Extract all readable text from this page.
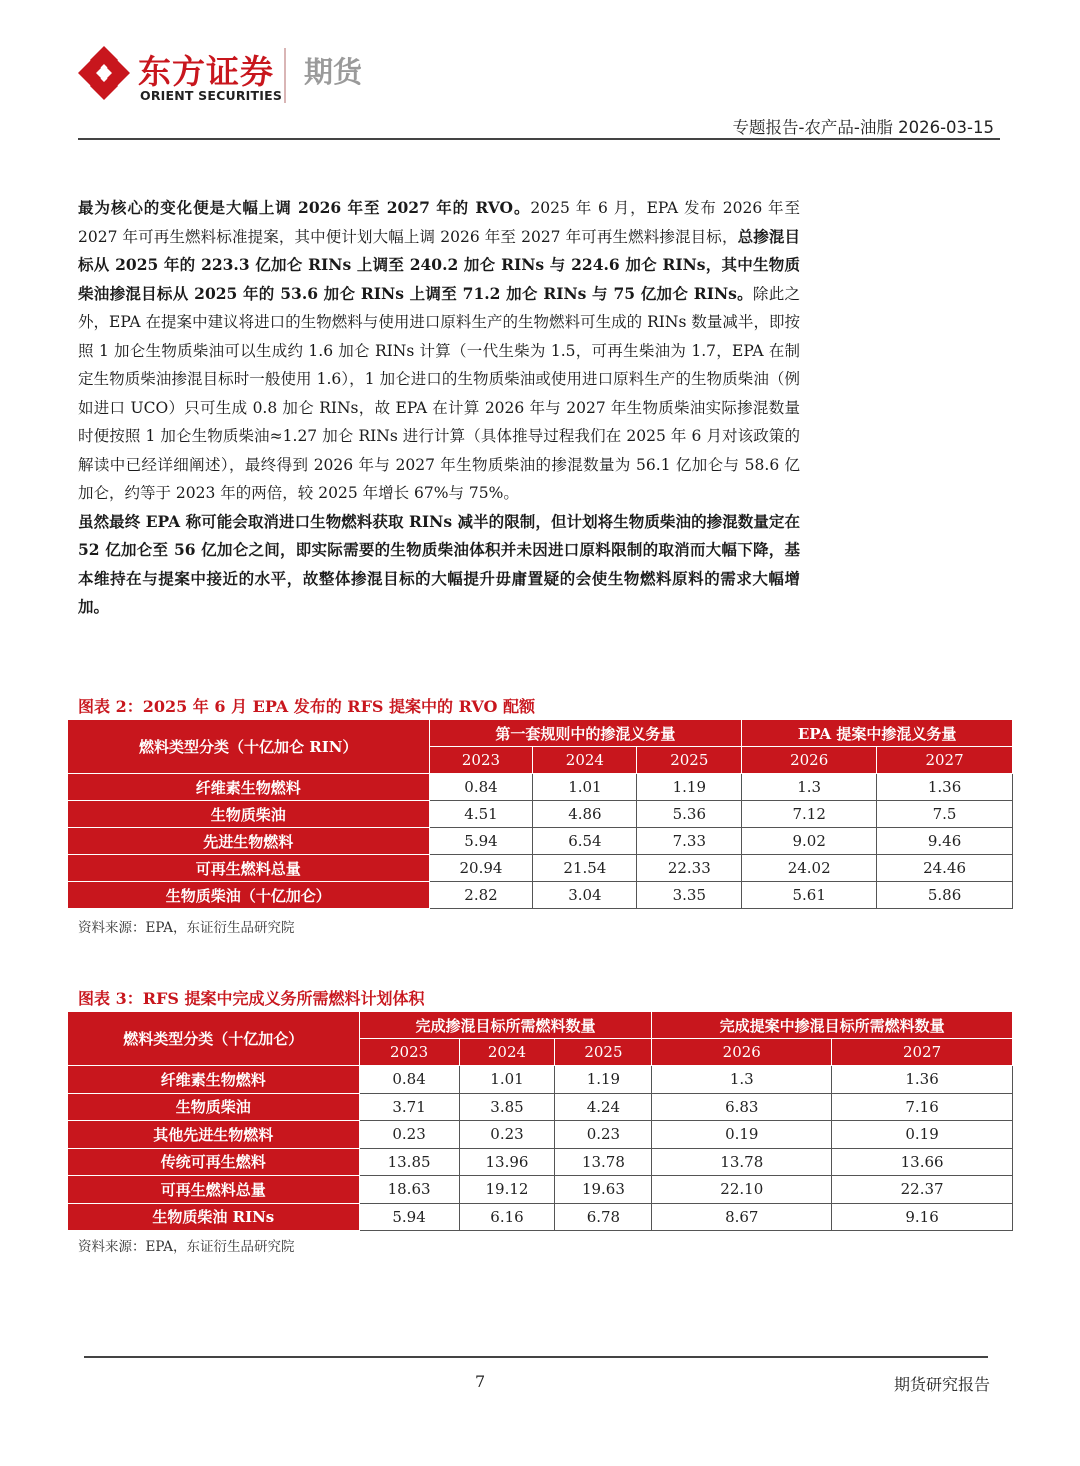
东方证券
ORIENT SECURITIES
期货
专题报告-农产品-油脂 2026-03-15

最为核心的变化便是大幅上调 2026 年至 2027 年的 RVO。2025 年 6 月，EPA 发布 2026 年至 2027 年可再生燃料标准提案，其中便计划大幅上调 2026 年至 2027 年可再生燃料掺混目标，总掺混目标从 2025 年的 223.3 亿加仑 RINs 上调至 240.2 加仑 RINs 与 224.6 加仑 RINs，其中生物质柴油掺混目标从 2025 年的 53.6 加仑 RINs 上调至 71.2 加仑 RINs 与 75 亿加仑 RINs。除此之外，EPA 在提案中建议将进口的生物燃料与使用进口原料生产的生物燃料可生成的 RINs 数量减半，即按照 1 加仑生物质柴油可以生成约 1.6 加仑 RINs 计算（一代生柴为 1.5，可再生柴油为 1.7，EPA 在制定生物质柴油掺混目标时一般使用 1.6），1 加仑进口的生物质柴油或使用进口原料生产的生物质柴油（例如进口 UCO）只可生成 0.8 加仑 RINs，故 EPA 在计算 2026 年与 2027 年生物质柴油实际掺混数量时便按照 1 加仑生物质柴油≈1.27 加仑 RINs 进行计算（具体推导过程我们在 2025 年 6 月对该政策的解读中已经详细阐述），最终得到 2026 年与 2027 年生物质柴油的掺混数量为 56.1 亿加仑与 58.6 亿加仑，约等于 2023 年的两倍，较 2025 年增长 67%与 75%。

虽然最终 EPA 称可能会取消进口生物燃料获取 RINs 减半的限制，但计划将生物质柴油的掺混数量定在 52 亿加仑至 56 亿加仑之间，即实际需要的生物质柴油体积并未因进口原料限制的取消而大幅下降，基本维持在与提案中接近的水平，故整体掺混目标的大幅提升毋庸置疑的会使生物燃料原料的需求大幅增加。

图表 2：2025 年 6 月 EPA 发布的 RFS 提案中的 RVO 配额
燃料类型分类（十亿加仑 RIN）	第一套规则中的掺混义务量			EPA 提案中掺混义务量	
	2023	2024	2025	2026	2027
纤维素生物燃料	0.84	1.01	1.19	1.3	1.36
生物质柴油	4.51	4.86	5.36	7.12	7.5
先进生物燃料	5.94	6.54	7.33	9.02	9.46
可再生燃料总量	20.94	21.54	22.33	24.02	24.46
生物质柴油（十亿加仑）	2.82	3.04	3.35	5.61	5.86
资料来源：EPA，东证衍生品研究院
图表 3：RFS 提案中完成义务所需燃料计划体积
燃料类型分类（十亿加仑）	完成掺混目标所需燃料数量			完成提案中掺混目标所需燃料数量	
	2023	2024	2025	2026	2027
纤维素生物燃料	0.84	1.01	1.19	1.3	1.36
生物质柴油	3.71	3.85	4.24	6.83	7.16
其他先进生物燃料	0.23	0.23	0.23	0.19	0.19
传统可再生燃料	13.85	13.96	13.78	13.78	13.66
可再生燃料总量	18.63	19.12	19.63	22.10	22.37
生物质柴油 RINs	5.94	6.16	6.78	8.67	9.16
资料来源：EPA，东证衍生品研究院
7	期货研究报告
